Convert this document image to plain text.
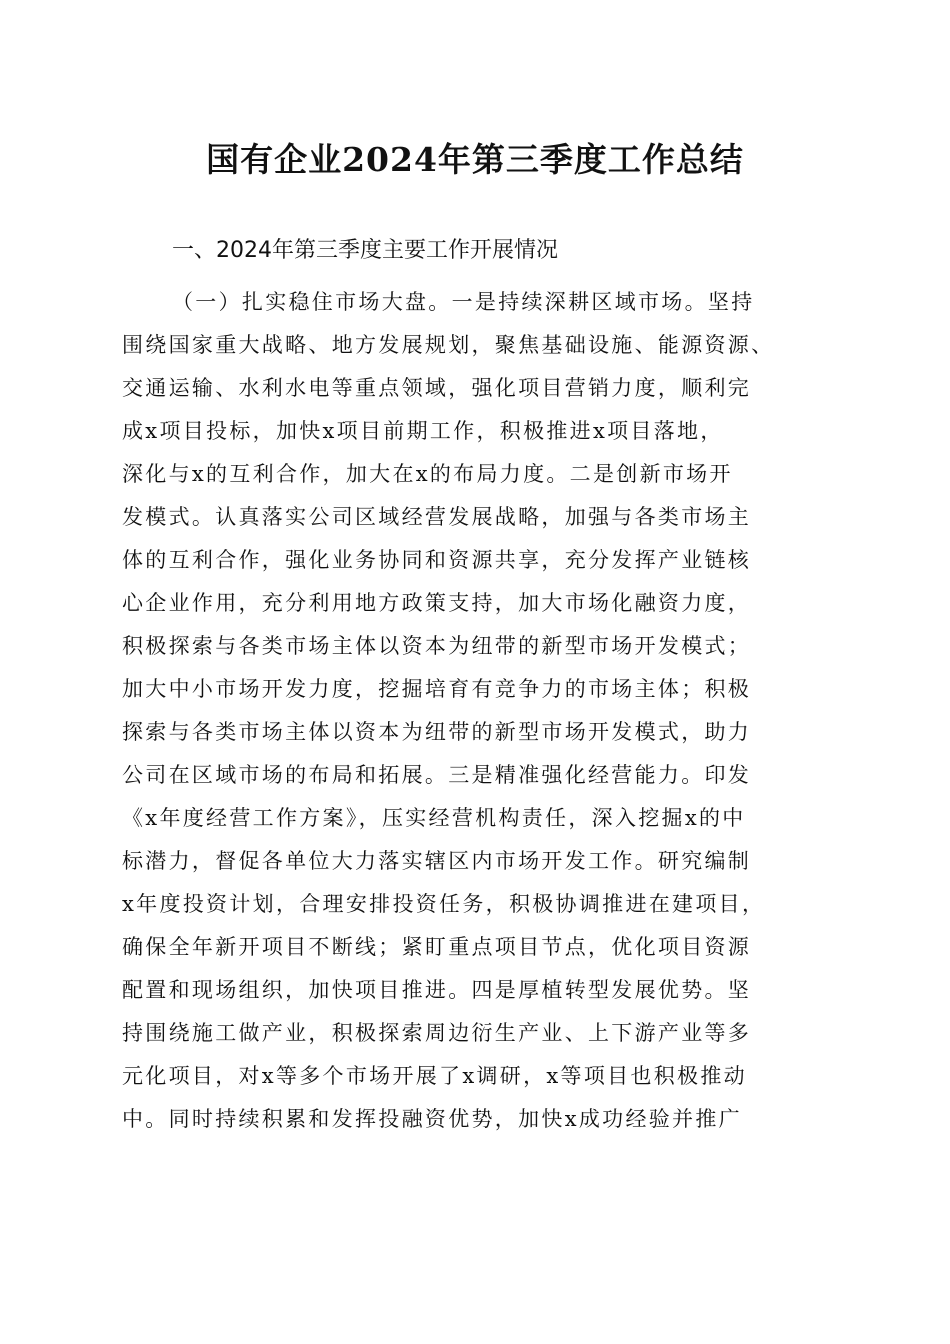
国有企业2024年第三季度工作总结
一、2024年第三季度主要工作开展情况
（一）扎实稳住市场大盘。一是持续深耕区域市场。坚持
围绕国家重大战略、地方发展规划，聚焦基础设施、能源资源、
交通运输、水利水电等重点领域，强化项目营销力度，顺利完
成x项目投标，加快x项目前期工作，积极推进x项目落地，
深化与x的互利合作，加大在x的布局力度。二是创新市场开
发模式。认真落实公司区域经营发展战略，加强与各类市场主
体的互利合作，强化业务协同和资源共享，充分发挥产业链核
心企业作用，充分利用地方政策支持，加大市场化融资力度，
积极探索与各类市场主体以资本为纽带的新型市场开发模式；
加大中小市场开发力度，挖掘培育有竞争力的市场主体；积极
探索与各类市场主体以资本为纽带的新型市场开发模式，助力
公司在区域市场的布局和拓展。三是精准强化经营能力。印发
《x年度经营工作方案》，压实经营机构责任，深入挖掘x的中
标潜力，督促各单位大力落实辖区内市场开发工作。研究编制
x年度投资计划，合理安排投资任务，积极协调推进在建项目，
确保全年新开项目不断线；紧盯重点项目节点，优化项目资源
配置和现场组织，加快项目推进。四是厚植转型发展优势。坚
持围绕施工做产业，积极探索周边衍生产业、上下游产业等多
元化项目，对x等多个市场开展了x调研，x等项目也积极推动
中。同时持续积累和发挥投融资优势，加快x成功经验并推广
